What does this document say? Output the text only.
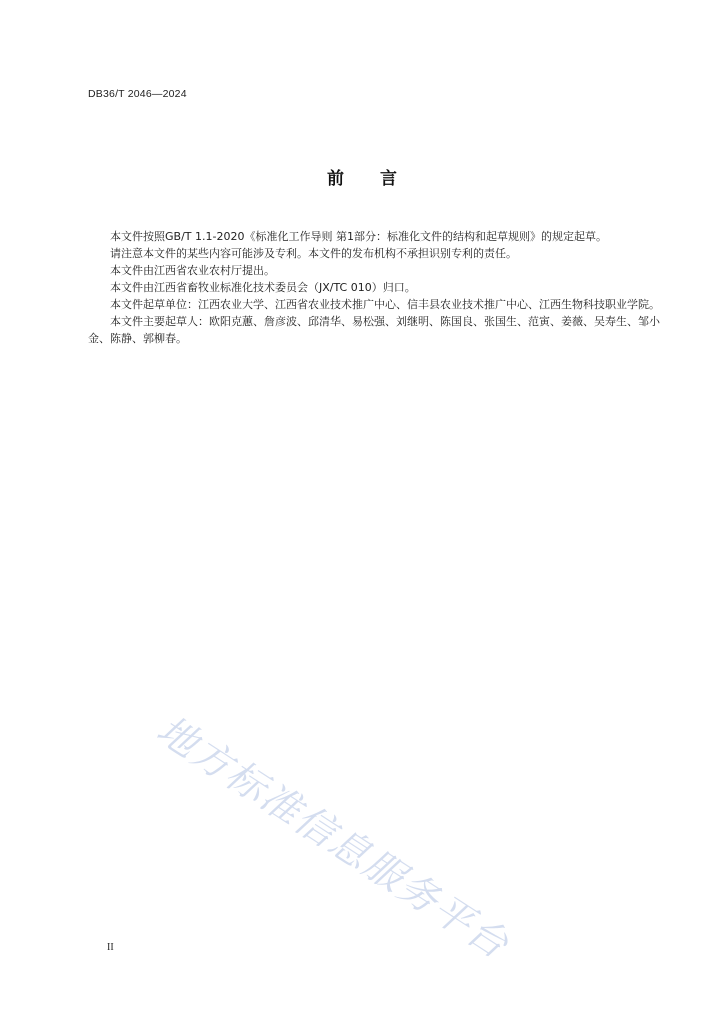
DB36/T 2046—2024
前 言

本文件按照GB/T 1.1-2020《标准化工作导则 第1部分：标准化文件的结构和起草规则》的规定起草。

请注意本文件的某些内容可能涉及专利。本文件的发布机构不承担识别专利的责任。

本文件由江西省农业农村厅提出。

本文件由江西省畜牧业标准化技术委员会（JX/TC 010）归口。

本文件起草单位：江西农业大学、江西省农业技术推广中心、信丰县农业技术推广中心、江西生物科技职业学院。

本文件主要起草人：欧阳克蕙、詹彦波、邱清华、易松强、刘继明、陈国良、张国生、范寅、姜薇、吴寿生、邹小金、陈静、郭柳春。

地方标准信息服务平台
II
